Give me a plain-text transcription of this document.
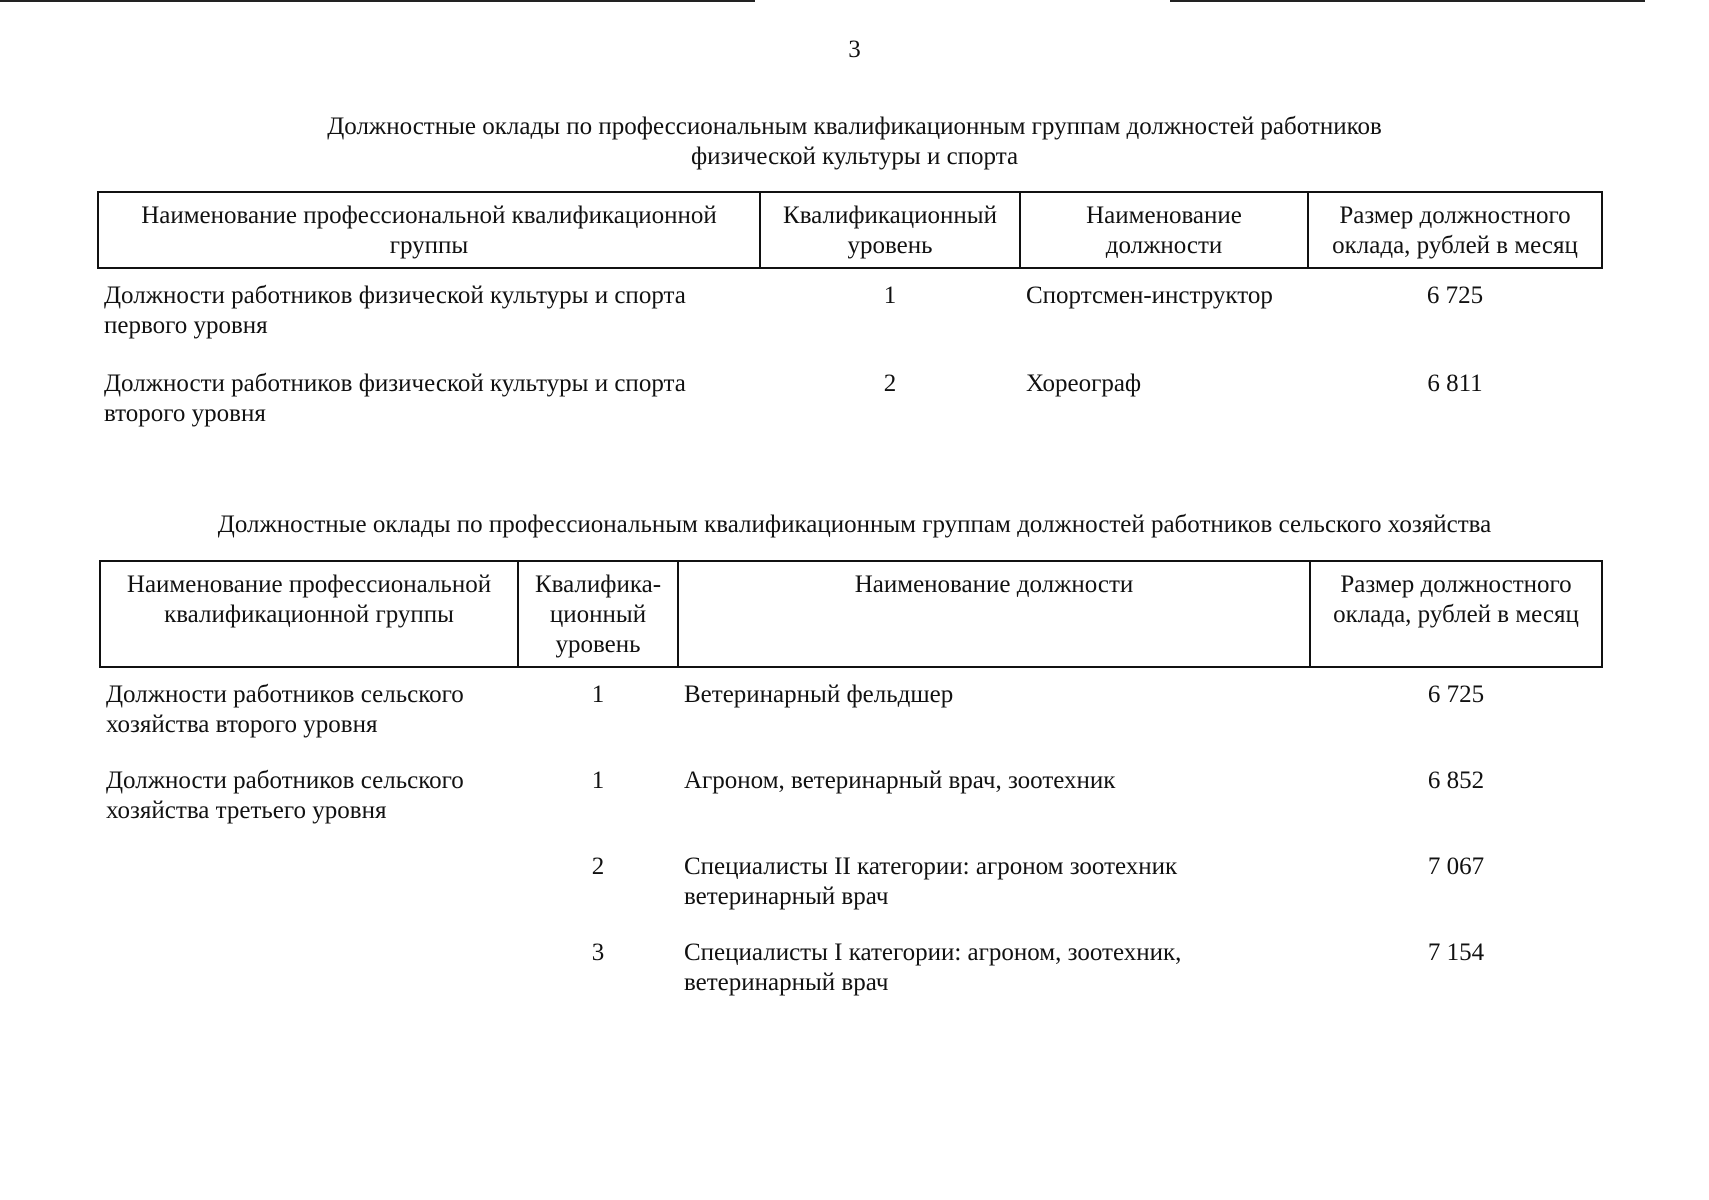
3
Должностные оклады по профессиональным квалификационным группам должностей работников
физической культуры и спорта
Наименование профессиональной квалификационной группы	Квалификационный уровень	Наименование должности	Размер должностного оклада, рублей в месяц
Должности работников физической культуры и спорта первого уровня	1	Спортсмен-инструктор	6 725
Должности работников физической культуры и спорта второго уровня	2	Хореограф	6 811
Должностные оклады по профессиональным квалификационным группам должностей работников сельского хозяйства
Наименование профессиональной квалификационной группы	Квалифика-ционный уровень	Наименование должности	Размер должностного оклада, рублей в месяц
Должности работников сельского хозяйства второго уровня	1	Ветеринарный фельдшер	6 725
Должности работников сельского хозяйства третьего уровня	1	Агроном, ветеринарный врач, зоотехник	6 852
	2	Специалисты II категории: агроном зоотехник ветеринарный врач	7 067
	3	Специалисты I категории: агроном, зоотехник, ветеринарный врач	7 154
